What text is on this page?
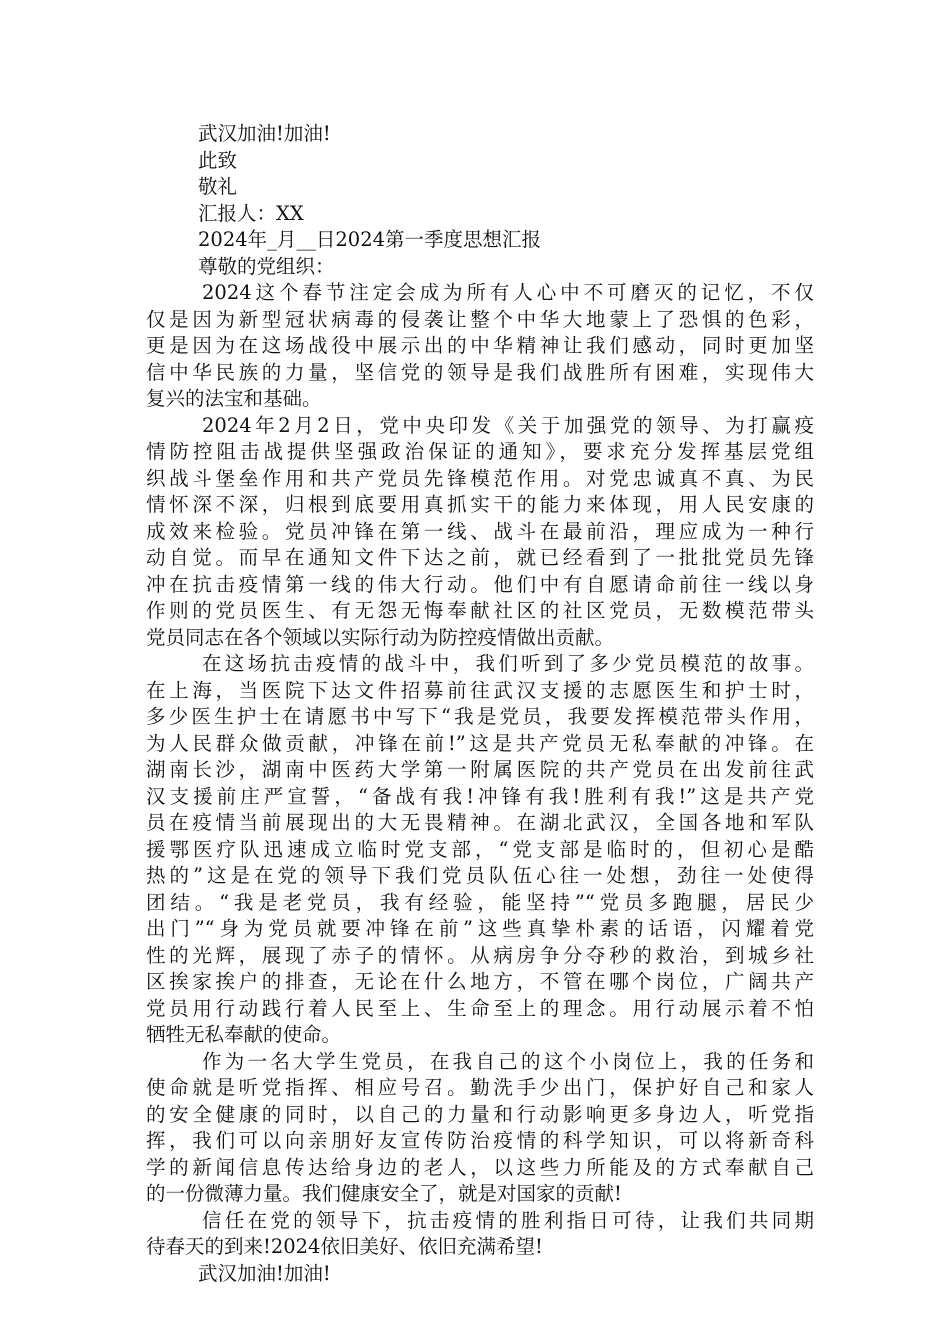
武汉加油!加油!
此致
敬礼
汇报人：XX
2024年_月__日2024第一季度思想汇报
尊敬的党组织：
2024这个春节注定会成为所有人心中不可磨灭的记忆，不仅
仅是因为新型冠状病毒的侵袭让整个中华大地蒙上了恐惧的色彩，
更是因为在这场战役中展示出的中华精神让我们感动，同时更加坚
信中华民族的力量，坚信党的领导是我们战胜所有困难，实现伟大
复兴的法宝和基础。
2024年2月2日，党中央印发《关于加强党的领导、为打赢疫
情防控阻击战提供坚强政治保证的通知》，要求充分发挥基层党组
织战斗堡垒作用和共产党员先锋模范作用。对党忠诚真不真、为民
情怀深不深，归根到底要用真抓实干的能力来体现，用人民安康的
成效来检验。党员冲锋在第一线、战斗在最前沿，理应成为一种行
动自觉。而早在通知文件下达之前，就已经看到了一批批党员先锋
冲在抗击疫情第一线的伟大行动。他们中有自愿请命前往一线以身
作则的党员医生、有无怨无悔奉献社区的社区党员，无数模范带头
党员同志在各个领域以实际行动为防控疫情做出贡献。
在这场抗击疫情的战斗中，我们听到了多少党员模范的故事。
在上海，当医院下达文件招募前往武汉支援的志愿医生和护士时，
多少医生护士在请愿书中写下“我是党员，我要发挥模范带头作用，
为人民群众做贡献，冲锋在前!”这是共产党员无私奉献的冲锋。在
湖南长沙，湖南中医药大学第一附属医院的共产党员在出发前往武
汉支援前庄严宣誓，“备战有我!冲锋有我!胜利有我!”这是共产党
员在疫情当前展现出的大无畏精神。在湖北武汉，全国各地和军队
援鄂医疗队迅速成立临时党支部，“党支部是临时的，但初心是酷
热的”这是在党的领导下我们党员队伍心往一处想，劲往一处使得
团结。“我是老党员，我有经验，能坚持”“党员多跑腿，居民少
出门”“身为党员就要冲锋在前”这些真挚朴素的话语，闪耀着党
性的光辉，展现了赤子的情怀。从病房争分夺秒的救治，到城乡社
区挨家挨户的排查，无论在什么地方，不管在哪个岗位，广阔共产
党员用行动践行着人民至上、生命至上的理念。用行动展示着不怕
牺牲无私奉献的使命。
作为一名大学生党员，在我自己的这个小岗位上，我的任务和
使命就是听党指挥、相应号召。勤洗手少出门，保护好自己和家人
的安全健康的同时，以自己的力量和行动影响更多身边人，听党指
挥，我们可以向亲朋好友宣传防治疫情的科学知识，可以将新奇科
学的新闻信息传达给身边的老人，以这些力所能及的方式奉献自己
的一份微薄力量。我们健康安全了，就是对国家的贡献!
信任在党的领导下，抗击疫情的胜利指日可待，让我们共同期
待春天的到来!2024依旧美好、依旧充满希望!
武汉加油!加油!
